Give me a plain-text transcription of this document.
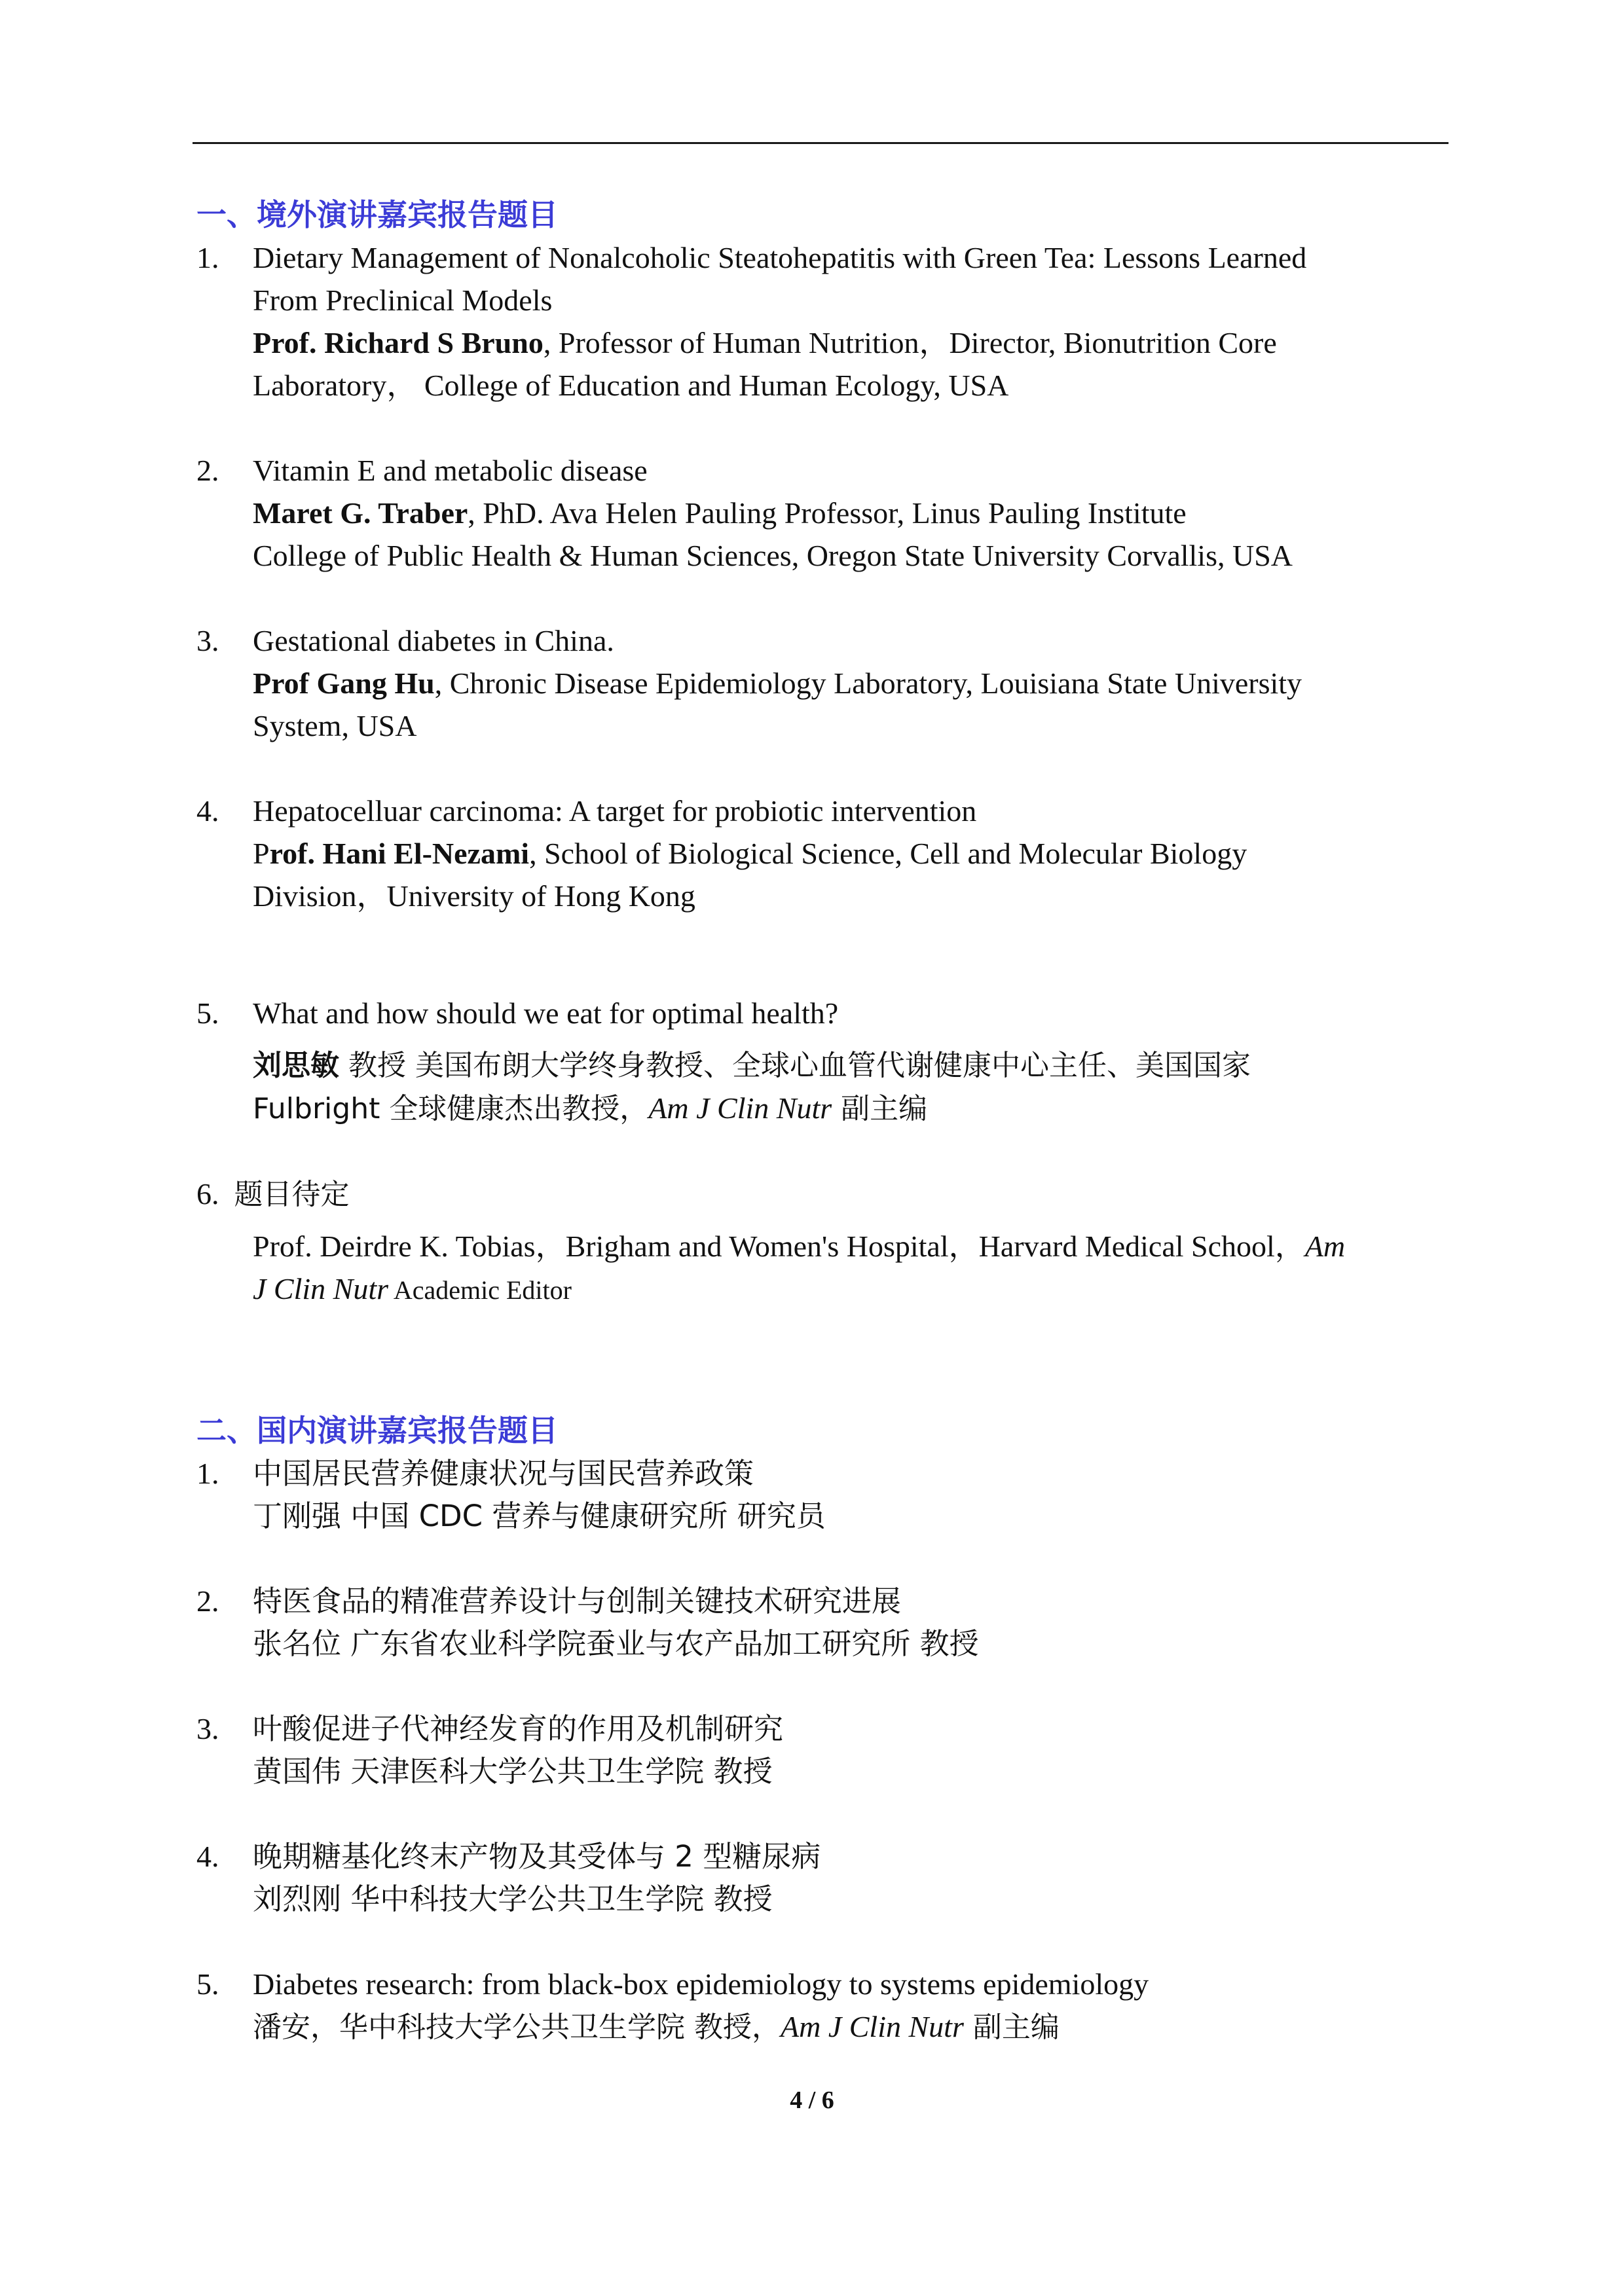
一、境外演讲嘉宾报告题目
1. Dietary Management of Nonalcoholic Steatohepatitis with Green Tea: Lessons Learned
From Preclinical Models
Prof. Richard S Bruno, Professor of Human Nutrition，Director, Bionutrition Core
Laboratory， College of Education and Human Ecology, USA
2. Vitamin E and metabolic disease
Maret G. Traber, PhD. Ava Helen Pauling Professor, Linus Pauling Institute
College of Public Health & Human Sciences, Oregon State University Corvallis, USA
3. Gestational diabetes in China.
Prof Gang Hu, Chronic Disease Epidemiology Laboratory, Louisiana State University
System, USA
4. Hepatocelluar carcinoma: A target for probiotic intervention
Prof. Hani El-Nezami, School of Biological Science, Cell and Molecular Biology
Division，University of Hong Kong
5. What and how should we eat for optimal health?
刘思敏 教授 美国布朗大学终身教授、全球心血管代谢健康中心主任、美国国家
Fulbright 全球健康杰出教授，Am J Clin Nutr 副主编
6. 题目待定
Prof. Deirdre K. Tobias，Brigham and Women's Hospital，Harvard Medical School，Am
J Clin Nutr Academic Editor
二、国内演讲嘉宾报告题目
1. 中国居民营养健康状况与国民营养政策
丁刚强 中国 CDC 营养与健康研究所 研究员
2. 特医食品的精准营养设计与创制关键技术研究进展
张名位 广东省农业科学院蚕业与农产品加工研究所 教授
3. 叶酸促进子代神经发育的作用及机制研究
黄国伟 天津医科大学公共卫生学院 教授
4. 晚期糖基化终末产物及其受体与 2 型糖尿病
刘烈刚 华中科技大学公共卫生学院 教授
5. Diabetes research: from black-box epidemiology to systems epidemiology
潘安，华中科技大学公共卫生学院 教授，Am J Clin Nutr 副主编
4 / 6
